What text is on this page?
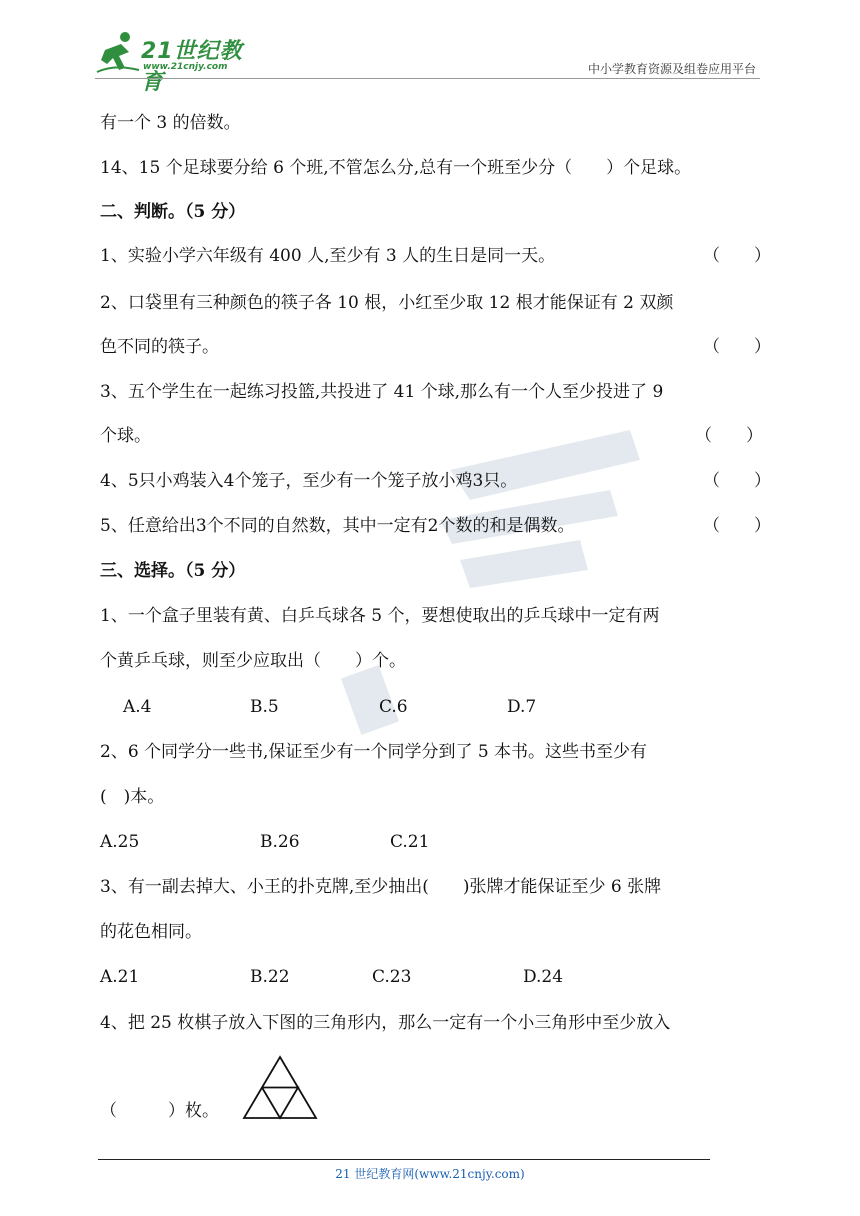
21世纪教育
www.21cnjy.com	中小学教育资源及组卷应用平台
有一个 3 的倍数。
14、15 个足球要分给 6 个班,不管怎么分,总有一个班至少分（　　）个足球。
二、判断。（5 分）
1、实验小学六年级有 400 人,至少有 3 人的生日是同一天。	（　　）
2、口袋里有三种颜色的筷子各 10 根，小红至少取 12 根才能保证有 2 双颜
色不同的筷子。	（　　）
3、五个学生在一起练习投篮,共投进了 41 个球,那么有一个人至少投进了 9
个球。	（　　）
4、5只小鸡装入4个笼子，至少有一个笼子放小鸡3只。	（　　）
5、任意给出3个不同的自然数，其中一定有2个数的和是偶数。	（　　）
三、选择。（5 分）
1、一个盒子里装有黄、白乒乓球各 5 个，要想使取出的乒乓球中一定有两
个黄乒乓球，则至少应取出（　　）个。
A.4	B.5	C.6	D.7
2、6 个同学分一些书,保证至少有一个同学分到了 5 本书。这些书至少有
(　)本。
A.25	B.26	C.21
3、有一副去掉大、小王的扑克牌,至少抽出(　　)张牌才能保证至少 6 张牌
的花色相同。
A.21	B.22	C.23	D.24
4、把 25 枚棋子放入下图的三角形内，那么一定有一个小三角形中至少放入
（　　　）枚。
21 世纪教育网(www.21cnjy.com)
